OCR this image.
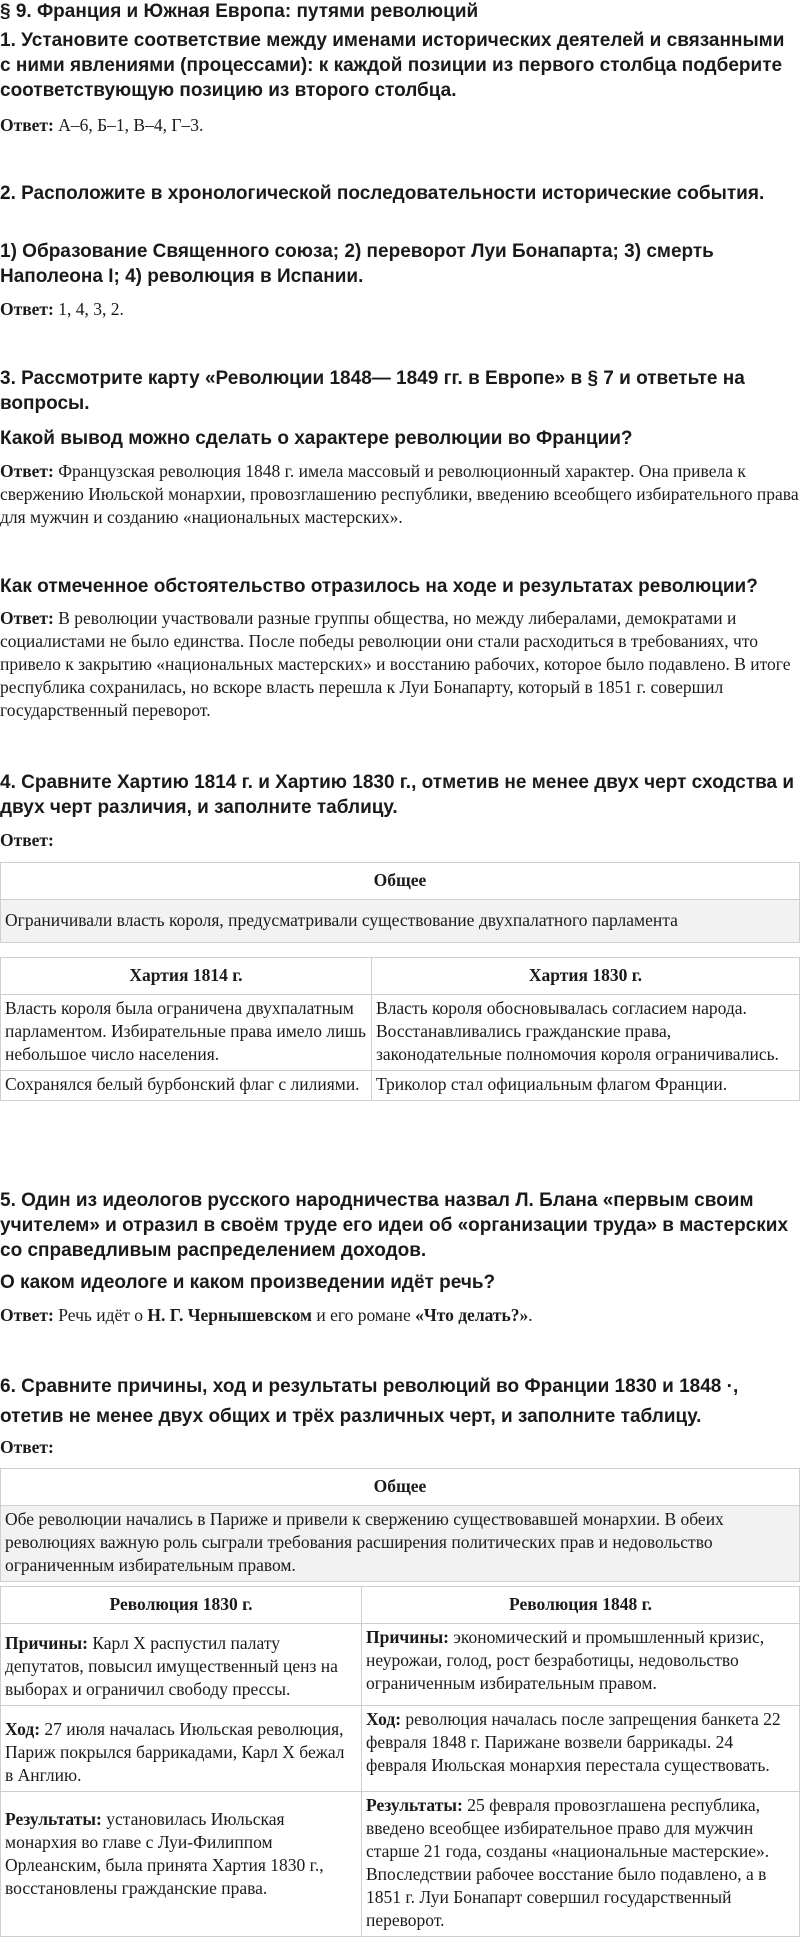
§ 9. Франция и Южная Европа: путями революций

1. Установите соответствие между именами исторических деятелей и связанными с ними явлениями (процессами): к каждой позиции из первого столбца подберите соответствующую позицию из второго столбца.

Ответ: А–6, Б–1, В–4, Г–3.

2. Расположите в хронологической последовательности исторические события.

1) Образование Священного союза; 2) переворот Луи Бонапарта; 3) смерть Наполеона I; 4) революция в Испании.

Ответ: 1, 4, 3, 2.

3. Рассмотрите карту «Революции 1848— 1849 гг. в Европе» в § 7 и ответьте на вопросы.

Какой вывод можно сделать о характере революции во Франции?

Ответ: Французская революция 1848 г. имела массовый и революционный характер. Она привела к свержению Июльской монархии, провозглашению республики, введению всеобщего избирательного права для мужчин и созданию «национальных мастерских».

Как отмеченное обстоятельство отразилось на ходе и результатах революции?

Ответ: В революции участвовали разные группы общества, но между либералами, демократами и социалистами не было единства. После победы революции они стали расходиться в требованиях, что привело к закрытию «национальных мастерских» и восстанию рабочих, которое было подавлено. В итоге республика сохранилась, но вскоре власть перешла к Луи Бонапарту, который в 1851 г. совершил государственный переворот.

4. Сравните Хартию 1814 г. и Хартию 1830 г., отметив не менее двух черт сходства и двух черт различия, и заполните таблицу.

Ответ:

Общее
Ограничивали власть короля, предусматривали существование двухпалатного парламента
Хартия 1814 г.	Хартия 1830 г.
Власть короля была ограничена двухпалатным парламентом. Избирательные права имело лишь небольшое число населения.	Власть короля обосновывалась согласием народа. Восстанавливались гражданские права, законодательные полномочия короля ограничивались.
Сохранялся белый бурбонский флаг с лилиями.	Триколор стал официальным флагом Франции.

5. Один из идеологов русского народничества назвал Л. Блана «первым своим учителем» и отразил в своём труде его идеи об «организации труда» в мастерских со справедливым распределением доходов.

О каком идеологе и каком произведении идёт речь?

Ответ: Речь идёт о Н. Г. Чернышевском и его романе «Что делать?».

6. Сравните причины, ход и результаты революций во Франции 1830 и 1848 ·, отетив не менее двух общих и трёх различных черт, и заполните таблицу.

Ответ:

Общее
Обе революции начались в Париже и привели к свержению существовавшей монархии. В обеих революциях важную роль сыграли требования расширения политических прав и недовольство ограниченным избирательным правом.
Революция 1830 г.	Революция 1848 г.
Причины: Карл X распустил палату депутатов, повысил имущественный ценз на выборах и ограничил свободу прессы.	Причины: экономический и промышленный кризис, неурожаи, голод, рост безработицы, недовольство ограниченным избирательным правом.
Ход: 27 июля началась Июльская революция, Париж покрылся баррикадами, Карл X бежал в Англию.	Ход: революция началась после запрещения банкета 22 февраля 1848 г. Парижане возвели баррикады. 24 февраля Июльская монархия перестала существовать.
Результаты: установилась Июльская монархия во главе с Луи-Филиппом Орлеанским, была принята Хартия 1830 г., восстановлены гражданские права.	Результаты: 25 февраля провозглашена республика, введено всеобщее избирательное право для мужчин старше 21 года, созданы «национальные мастерские». Впоследствии рабочее восстание было подавлено, а в 1851 г. Луи Бонапарт совершил государственный переворот.
